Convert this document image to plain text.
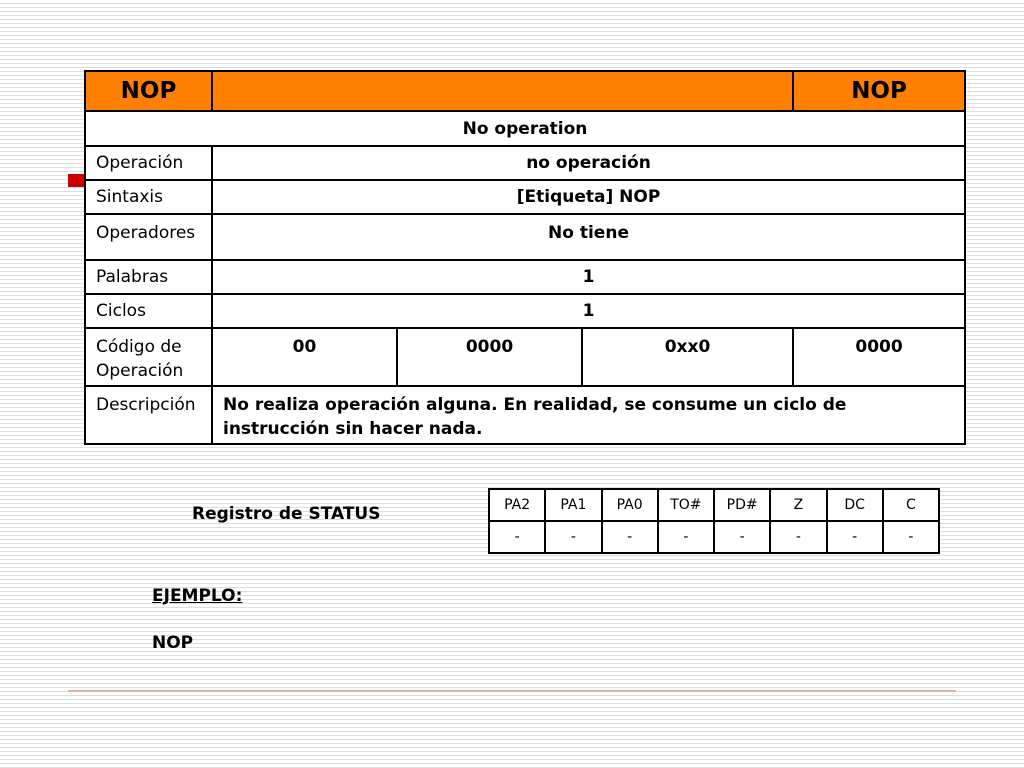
NOP				NOP
No operation				
Operación	no operación			
Sintaxis	[Etiqueta] NOP			
Operadores	No tiene			
Palabras	1			
Ciclos	1			

Código de
Operación	00	0000	0xx0	0000
Descripción	No realiza operación alguna. En realidad, se consume un ciclo de
instrucción sin hacer nada.			
Registro de STATUS	PA2	PA1	PA0	TO#	PD#	Z	DC	C
-	-	-	-	-	-	-	-
EJEMPLO:
NOP
